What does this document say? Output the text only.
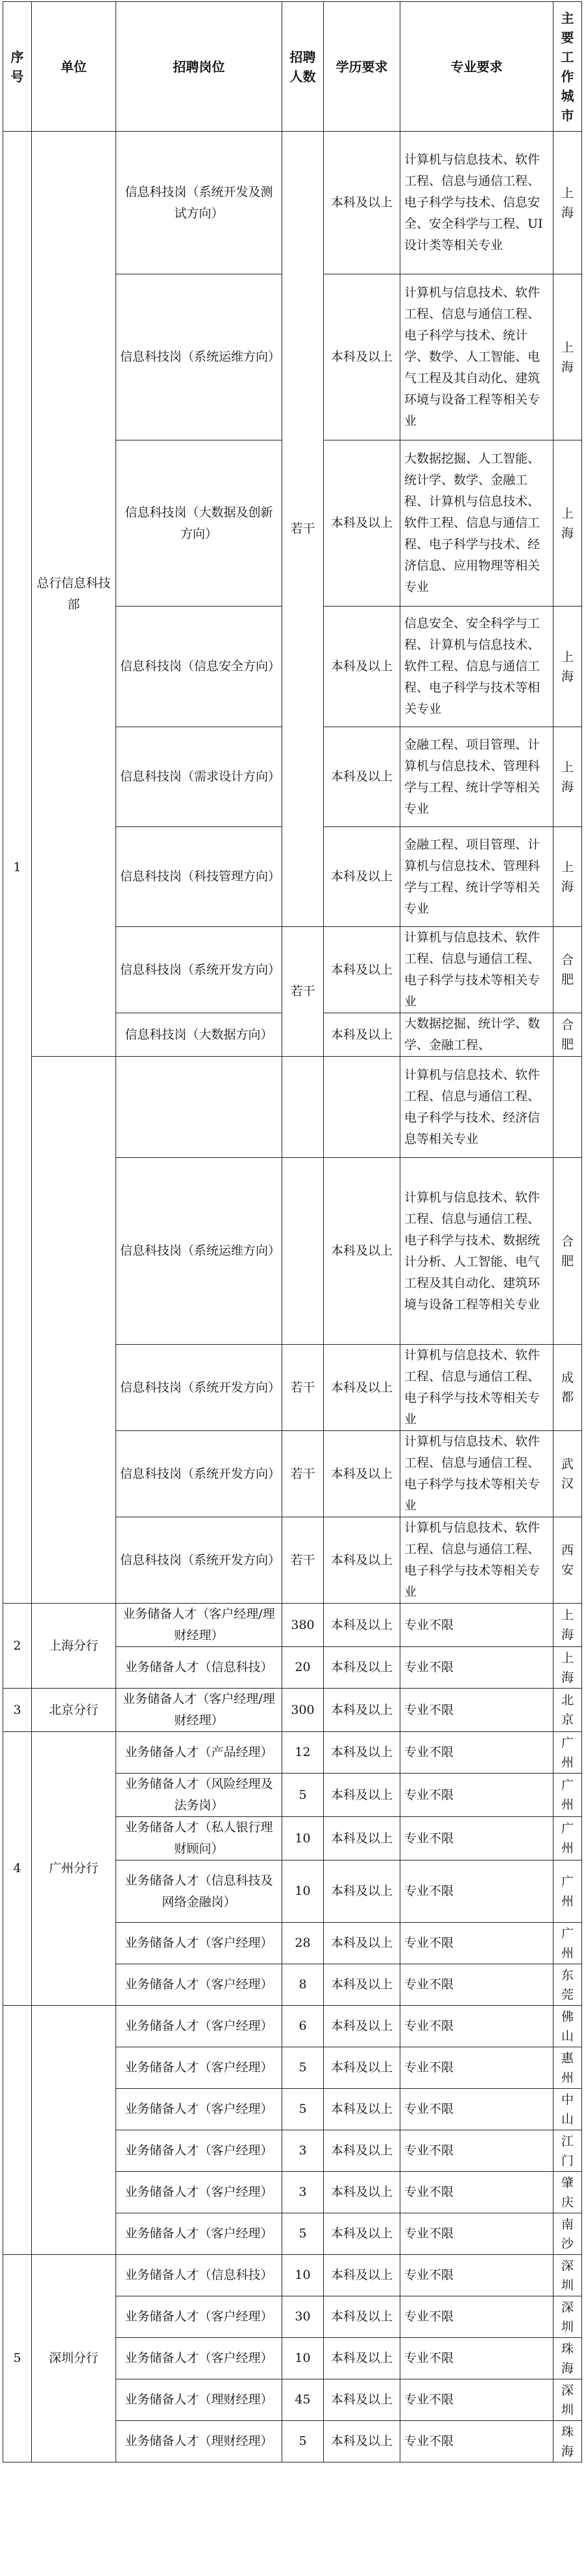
序号	单位	招聘岗位	招聘人数	学历要求	专业要求	主要工作城市
1	总行信息科技部	信息科技岗（系统开发及测试方向）	若干	本科及以上	计算机与信息技术、软件工程、信息与通信工程、电子科学与技术、信息安全、安全科学与工程、UI设计类等相关专业	上海
		信息科技岗（系统运维方向）		本科及以上	计算机与信息技术、软件工程、信息与通信工程、电子科学与技术、统计学、数学、人工智能、电气工程及其自动化、建筑环境与设备工程等相关专业	上海
		信息科技岗（大数据及创新方向）		本科及以上	大数据挖掘、人工智能、统计学、数学、金融工程、计算机与信息技术、软件工程、信息与通信工程、电子科学与技术、经济信息、应用物理等相关专业	上海
		信息科技岗（信息安全方向）		本科及以上	信息安全、安全科学与工程、计算机与信息技术、软件工程、信息与通信工程、电子科学与技术等相关专业	上海
		信息科技岗（需求设计方向）		本科及以上	金融工程、项目管理、计算机与信息技术、管理科学与工程、统计学等相关专业	上海
		信息科技岗（科技管理方向）		本科及以上	金融工程、项目管理、计算机与信息技术、管理科学与工程、统计学等相关专业	上海
		信息科技岗（系统开发方向）	若干	本科及以上	计算机与信息技术、软件工程、信息与通信工程、电子科学与技术等相关专业	合肥
		信息科技岗（大数据方向）		本科及以上	大数据挖掘、统计学、数学、金融工程、	合肥
					计算机与信息技术、软件工程、信息与通信工程、电子科学与技术、经济信息等相关专业	
		信息科技岗（系统运维方向）		本科及以上	计算机与信息技术、软件工程、信息与通信工程、电子科学与技术、数据统计分析、人工智能、电气工程及其自动化、建筑环境与设备工程等相关专业	合肥
		信息科技岗（系统开发方向）	若干	本科及以上	计算机与信息技术、软件工程、信息与通信工程、电子科学与技术等相关专业	成都
		信息科技岗（系统开发方向）	若干	本科及以上	计算机与信息技术、软件工程、信息与通信工程、电子科学与技术等相关专业	武汉
		信息科技岗（系统开发方向）	若干	本科及以上	计算机与信息技术、软件工程、信息与通信工程、电子科学与技术等相关专业	西安
2	上海分行	业务储备人才（客户经理/理财经理）	380	本科及以上	专业不限	上海
		业务储备人才（信息科技）	20	本科及以上	专业不限	上海
3	北京分行	业务储备人才（客户经理/理财经理）	300	本科及以上	专业不限	北京
4	广州分行	业务储备人才（产品经理）	12	本科及以上	专业不限	广州
		业务储备人才（风险经理及法务岗）	5	本科及以上	专业不限	广州
		业务储备人才（私人银行理财顾问）	10	本科及以上	专业不限	广州
		业务储备人才（信息科技及网络金融岗）	10	本科及以上	专业不限	广州
		业务储备人才（客户经理）	28	本科及以上	专业不限	广州
		业务储备人才（客户经理）	8	本科及以上	专业不限	东莞
		业务储备人才（客户经理）	6	本科及以上	专业不限	佛山
		业务储备人才（客户经理）	5	本科及以上	专业不限	惠州
		业务储备人才（客户经理）	5	本科及以上	专业不限	中山
		业务储备人才（客户经理）	3	本科及以上	专业不限	江门
		业务储备人才（客户经理）	3	本科及以上	专业不限	肇庆
		业务储备人才（客户经理）	5	本科及以上	专业不限	南沙
5	深圳分行	业务储备人才（信息科技）	10	本科及以上	专业不限	深圳
		业务储备人才（客户经理）	30	本科及以上	专业不限	深圳
		业务储备人才（客户经理）	10	本科及以上	专业不限	珠海
		业务储备人才（理财经理）	45	本科及以上	专业不限	深圳
		业务储备人才（理财经理）	5	本科及以上	专业不限	珠海
